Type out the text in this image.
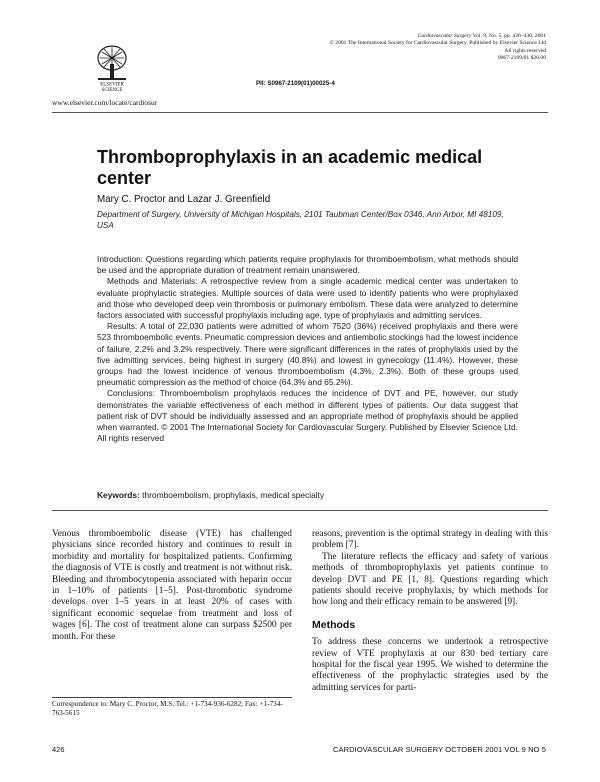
ELSEVIER
SCIENCE
www.elsevier.com/locate/cardiosur
PII: S0967-2109(01)00025-4
Cardiovascular Surgery Vol. 9, No. 5, pp. 426–430, 2001
© 2001 The International Society for Cardiovascular Surgery. Published by Elsevier Science Ltd
All rights reserved
0967-2109/01 $20.00
Thromboprophylaxis in an academic medical center
Mary C. Proctor and Lazar J. Greenfield
Department of Surgery, University of Michigan Hospitals, 2101 Taubman Center/Box 0346, Ann Arbor, MI 48109, USA

Introduction: Questions regarding which patients require prophylaxis for thromboembolism, what methods should be used and the appropriate duration of treatment remain unanswered.

Methods and Materials: A retrospective review from a single academic medical center was undertaken to evaluate prophylactic strategies. Multiple sources of data were used to identify patients who were prophylaxed and those who developed deep vein thrombosis or pulmonary embolism. These data were analyzed to determine factors associated with successful prophylaxis including age, type of prophylaxis and admitting services.

Results: A total of 22,030 patients were admitted of whom 7520 (36%) received prophylaxis and there were 523 thromboembolic events. Pneumatic compression devices and antiembolic stockings had the lowest incidence of failure, 2.2% and 3.2% respectively. There were significant differences in the rates of prophylaxis used by the five admitting services, being highest in surgery (40.8%) and lowest in gynecology (11.4%). However, these groups had the lowest incidence of venous thromboembolism (4.3%, 2.3%). Both of these groups used pneumatic compression as the method of choice (64.3% and 65.2%).

Conclusions: Thromboembolism prophylaxis reduces the incidence of DVT and PE, however, our study demonstrates the variable effectiveness of each method in different types of patients. Our data suggest that patient risk of DVT should be individually assessed and an appropriate method of prophylaxis should be applied when warranted. © 2001 The International Society for Cardiovascular Surgery. Published by Elsevier Science Ltd. All rights reserved

Keywords: thromboembolism, prophylaxis, medical specialty

Venous thromboembolic disease (VTE) has challenged physicians since recorded history and continues to result in morbidity and mortality for hospitalized patients. Confirming the diagnosis of VTE is costly and treatment is not without risk. Bleeding and thrombocytopenia associated with heparin occur in 1–10% of patients [1–5]. Post-thrombotic syndrome develops over 1–5 years in at least 20% of cases with significant economic sequelae from treatment and loss of wages [6]. The cost of treatment alone can surpass $2500 per month. For these

reasons, prevention is the optimal strategy in dealing with this problem [7].

The literature reflects the efficacy and safety of various methods of thromboprophylaxis yet patients continue to develop DVT and PE [1, 8]. Questions regarding which patients should receive prophylaxis, by which methods for how long and their efficacy remain to be answered [9].

Methods

To address these concerns we undertook a retrospective review of VTE prophylaxis at our 830 bed tertiary care hospital for the fiscal year 1995. We wished to determine the effectiveness of the prophylactic strategies used by the admitting services for parti-

Correspondence to: Mary C. Proctor, M.S. Tel.: +1-734-936-6282; Fax: +1-734-763-5615
426	CARDIOVASCULAR SURGERY OCTOBER 2001 VOL 9 NO 5
